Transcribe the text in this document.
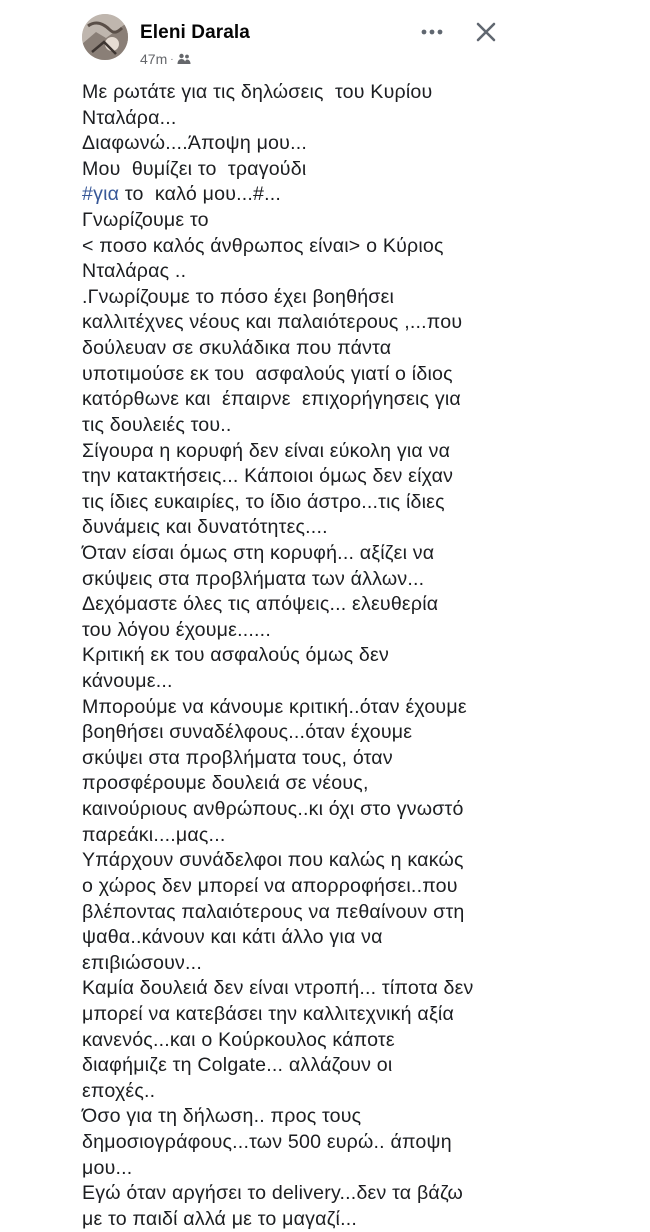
Eleni Darala
47m ·
Με ρωτάτε για τις δηλώσεις  του Κυρίου
Νταλάρα...
Διαφωνώ....Άποψη μου...
Μου  θυμίζει το  τραγούδι
#για το  καλό μου...#...
Γνωρίζουμε το
< ποσο καλός άνθρωπος είναι> ο Κύριος
Νταλάρας ..
.Γνωρίζουμε το πόσο έχει βοηθήσει
καλλιτέχνες νέους και παλαιότερους ,...που
δούλευαν σε σκυλάδικα που πάντα
υποτιμούσε εκ του  ασφαλούς γιατί ο ίδιος
κατόρθωνε και  έπαιρνε  επιχορήγησεις για
τις δουλειές του..
Σίγουρα η κορυφή δεν είναι εύκολη για να
την κατακτήσεις... Κάποιοι όμως δεν είχαν
τις ίδιες ευκαιρίες, το ίδιο άστρο...τις ίδιες
δυνάμεις και δυνατότητες....
Όταν είσαι όμως στη κορυφή... αξίζει να
σκύψεις στα προβλήματα των άλλων...
Δεχόμαστε όλες τις απόψεις... ελευθερία
του λόγου έχουμε......
Κριτική εκ του ασφαλούς όμως δεν
κάνουμε...
Μπορούμε να κάνουμε κριτική..όταν έχουμε
βοηθήσει συναδέλφους...όταν έχουμε
σκύψει στα προβλήματα τους, όταν
προσφέρουμε δουλειά σε νέους,
καινούριους ανθρώπους..κι όχι στο γνωστό
παρεάκι....μας...
Υπάρχουν συνάδελφοι που καλώς η κακώς
ο χώρος δεν μπορεί να απορροφήσει..που
βλέποντας παλαιότερους να πεθαίνουν στη
ψαθα..κάνουν και κάτι άλλο για να
επιβιώσουν...
Καμία δουλειά δεν είναι ντροπή... τίποτα δεν
μπορεί να κατεβάσει την καλλιτεχνική αξία
κανενός...και ο Κούρκουλος κάποτε
διαφήμιζε τη Colgate... αλλάζουν οι
εποχές..
Όσο για τη δήλωση.. προς τους
δημοσιογράφους...των 500 ευρώ.. άποψη
μου...
Εγώ όταν αργήσει το delivery...δεν τα βάζω
με το παιδί αλλά με το μαγαζί...
